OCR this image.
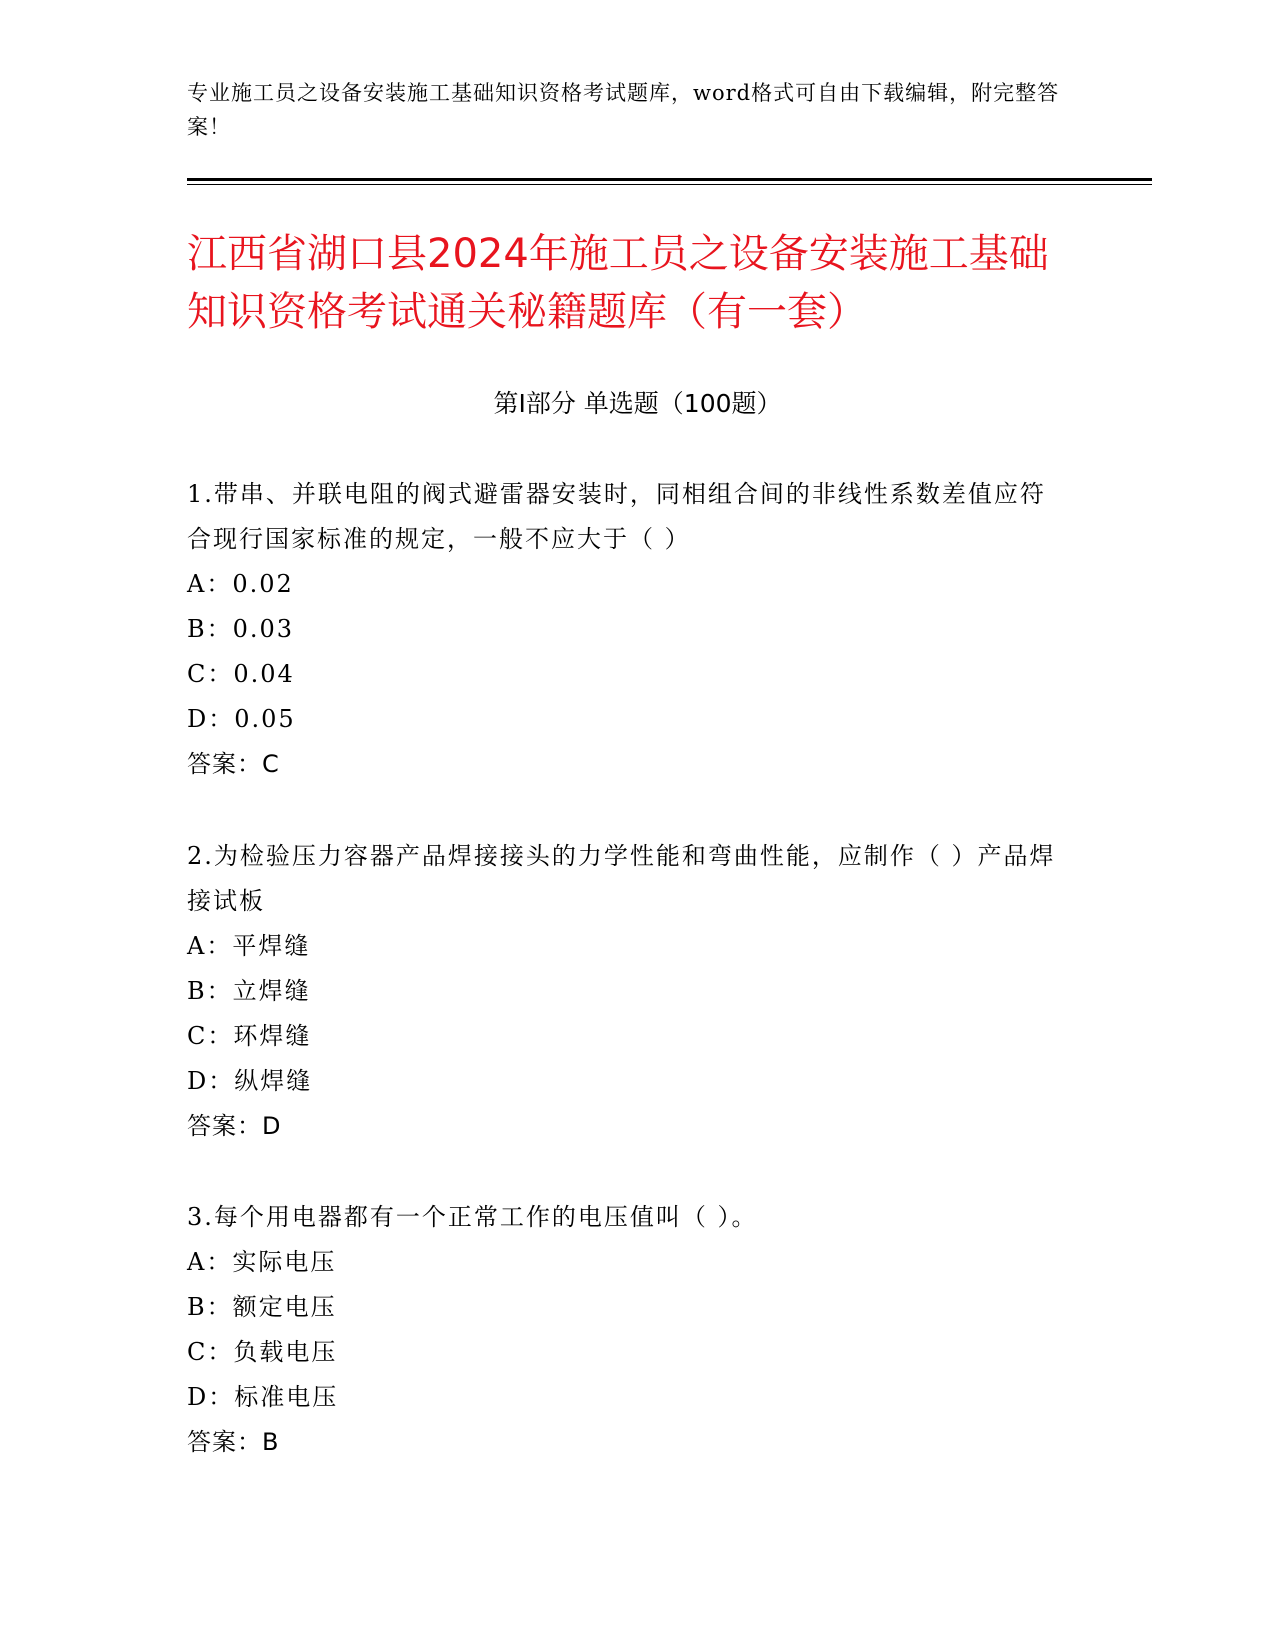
专业施工员之设备安装施工基础知识资格考试题库，word格式可自由下载编辑，附完整答案！
江西省湖口县2024年施工员之设备安装施工基础知识资格考试通关秘籍题库（有一套）
第Ⅰ部分 单选题（100题）
1.带串、并联电阻的阀式避雷器安装时，同相组合间的非线性系数差值应符合现行国家标准的规定，一般不应大于（ ）
A：0.02
B：0.03
C：0.04
D：0.05
答案：C
2.为检验压力容器产品焊接接头的力学性能和弯曲性能，应制作（ ）产品焊接试板
A：平焊缝
B：立焊缝
C：环焊缝
D：纵焊缝
答案：D
3.每个用电器都有一个正常工作的电压值叫（ ）。
A：实际电压
B：额定电压
C：负载电压
D：标准电压
答案：B
